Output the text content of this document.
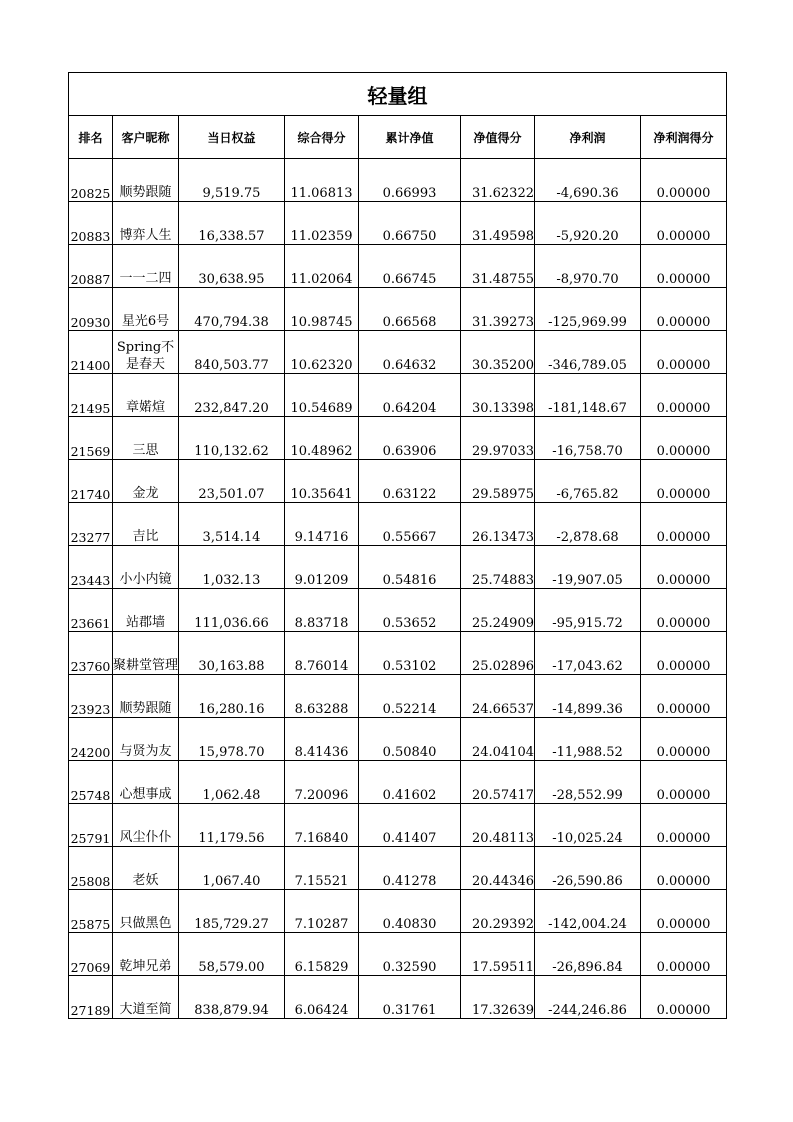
轻量组							
排名	客户昵称	当日权益	综合得分	累计净值	净值得分	净利润	净利润得分
20825	顺势跟随	9,519.75	11.06813	0.66993	31.62322	-4,690.36	0.00000
20883	博弈人生	16,338.57	11.02359	0.66750	31.49598	-5,920.20	0.00000
20887	一一二四	30,638.95	11.02064	0.66745	31.48755	-8,970.70	0.00000
20930	星光6号	470,794.38	10.98745	0.66568	31.39273	-125,969.99	0.00000
21400	Spring不是春天	840,503.77	10.62320	0.64632	30.35200	-346,789.05	0.00000
21495	章婼煊	232,847.20	10.54689	0.64204	30.13398	-181,148.67	0.00000
21569	三思	110,132.62	10.48962	0.63906	29.97033	-16,758.70	0.00000
21740	金龙	23,501.07	10.35641	0.63122	29.58975	-6,765.82	0.00000
23277	吉比	3,514.14	9.14716	0.55667	26.13473	-2,878.68	0.00000
23443	小小内镜	1,032.13	9.01209	0.54816	25.74883	-19,907.05	0.00000
23661	站郡墙	111,036.66	8.83718	0.53652	25.24909	-95,915.72	0.00000
23760	聚耕堂管理	30,163.88	8.76014	0.53102	25.02896	-17,043.62	0.00000
23923	顺势跟随	16,280.16	8.63288	0.52214	24.66537	-14,899.36	0.00000
24200	与贤为友	15,978.70	8.41436	0.50840	24.04104	-11,988.52	0.00000
25748	心想事成	1,062.48	7.20096	0.41602	20.57417	-28,552.99	0.00000
25791	风尘仆仆	11,179.56	7.16840	0.41407	20.48113	-10,025.24	0.00000
25808	老妖	1,067.40	7.15521	0.41278	20.44346	-26,590.86	0.00000
25875	只做黑色	185,729.27	7.10287	0.40830	20.29392	-142,004.24	0.00000
27069	乾坤兄弟	58,579.00	6.15829	0.32590	17.59511	-26,896.84	0.00000
27189	大道至简	838,879.94	6.06424	0.31761	17.32639	-244,246.86	0.00000
